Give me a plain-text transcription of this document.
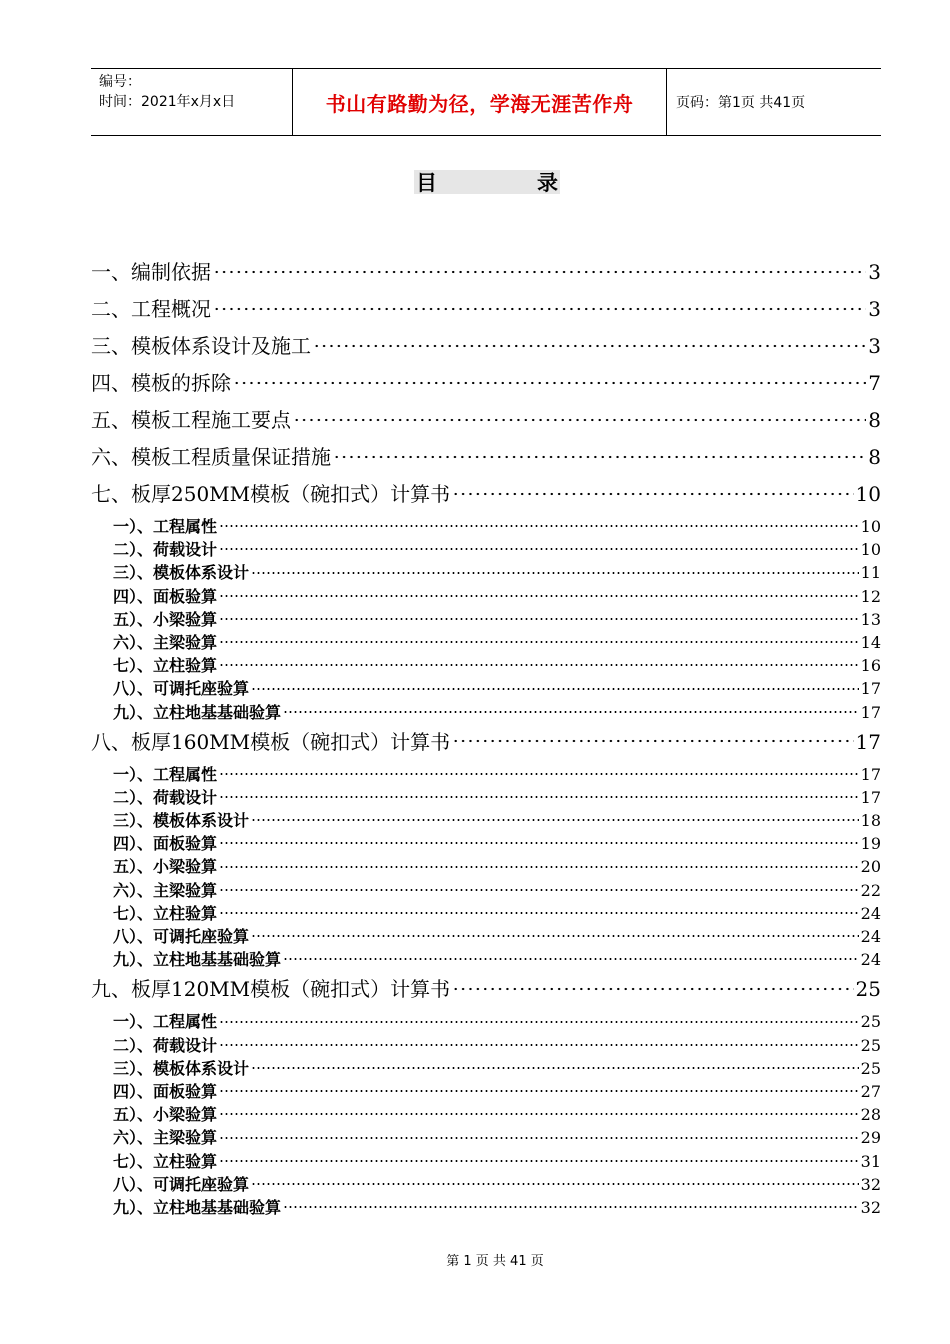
编号：
时间：2021年x月x日	书山有路勤为径，学海无涯苦作舟	页码：第1页 共41页
目	录
一、编制依据	3
二、工程概况	3
三、模板体系设计及施工	3
四、模板的拆除	7
五、模板工程施工要点	8
六、模板工程质量保证措施	8
七、板厚250MM模板（碗扣式）计算书	10
一）、工程属性	10
二）、荷载设计	10
三）、模板体系设计	11
四）、面板验算	12
五）、小梁验算	13
六）、主梁验算	14
七）、立柱验算	16
八）、可调托座验算	17
九）、立柱地基基础验算	17
八、板厚160MM模板（碗扣式）计算书	17
一）、工程属性	17
二）、荷载设计	17
三）、模板体系设计	18
四）、面板验算	19
五）、小梁验算	20
六）、主梁验算	22
七）、立柱验算	24
八）、可调托座验算	24
九）、立柱地基基础验算	24
九、板厚120MM模板（碗扣式）计算书	25
一）、工程属性	25
二）、荷载设计	25
三）、模板体系设计	25
四）、面板验算	27
五）、小梁验算	28
六）、主梁验算	29
七）、立柱验算	31
八）、可调托座验算	32
九）、立柱地基基础验算	32
第 1 页 共 41 页
